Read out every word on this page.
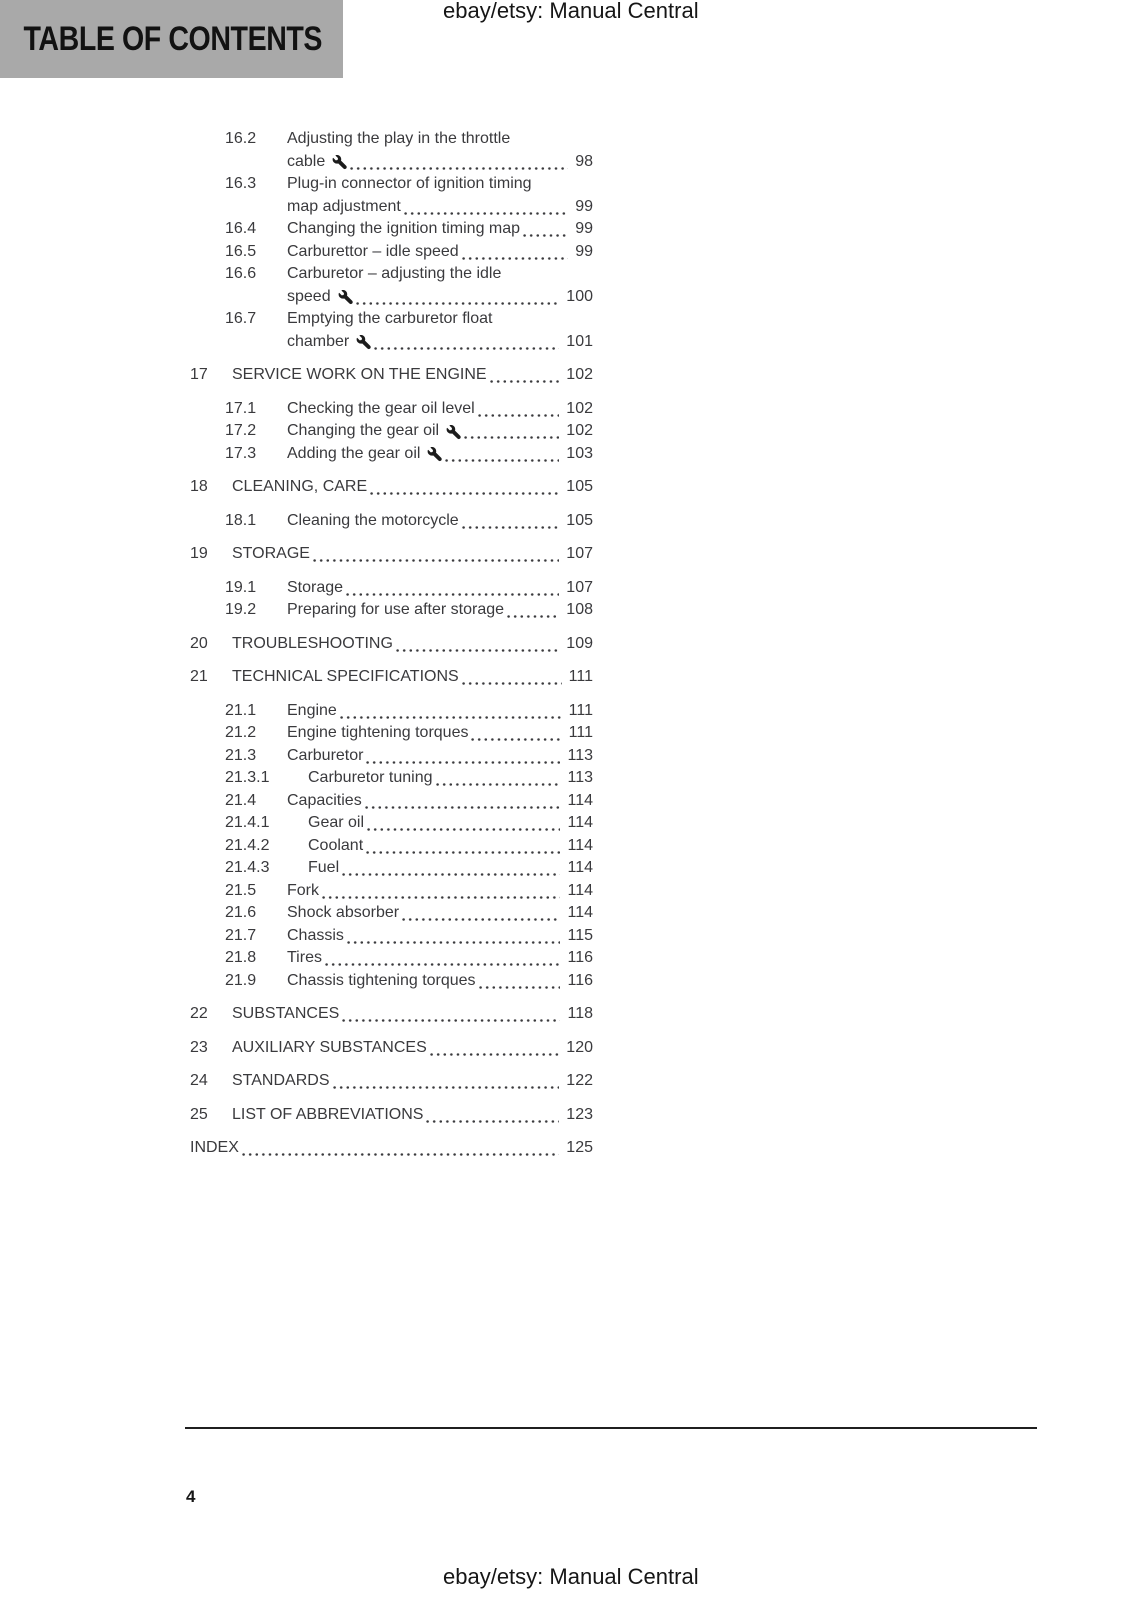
TABLE OF CONTENTS
ebay/etsy: Manual Central
16.2	Adjusting the play in the throttle
cable	98
16.3	Plug-in connector of ignition timing
map adjustment	99
16.4	Changing the ignition timing map	99
16.5	Carburettor – idle speed	99
16.6	Carburetor – adjusting the idle
speed	100
16.7	Emptying the carburetor float
chamber	101
17	SERVICE WORK ON THE ENGINE	102
17.1	Checking the gear oil level	102
17.2	Changing the gear oil	102
17.3	Adding the gear oil	103
18	CLEANING, CARE	105
18.1	Cleaning the motorcycle	105
19	STORAGE	107
19.1	Storage	107
19.2	Preparing for use after storage	108
20	TROUBLESHOOTING	109
21	TECHNICAL SPECIFICATIONS	111
21.1	Engine	111
21.2	Engine tightening torques	111
21.3	Carburetor	113
21.3.1	Carburetor tuning	113
21.4	Capacities	114
21.4.1	Gear oil	114
21.4.2	Coolant	114
21.4.3	Fuel	114
21.5	Fork	114
21.6	Shock absorber	114
21.7	Chassis	115
21.8	Tires	116
21.9	Chassis tightening torques	116
22	SUBSTANCES	118
23	AUXILIARY SUBSTANCES	120
24	STANDARDS	122
25	LIST OF ABBREVIATIONS	123
INDEX	125
4
ebay/etsy: Manual Central
